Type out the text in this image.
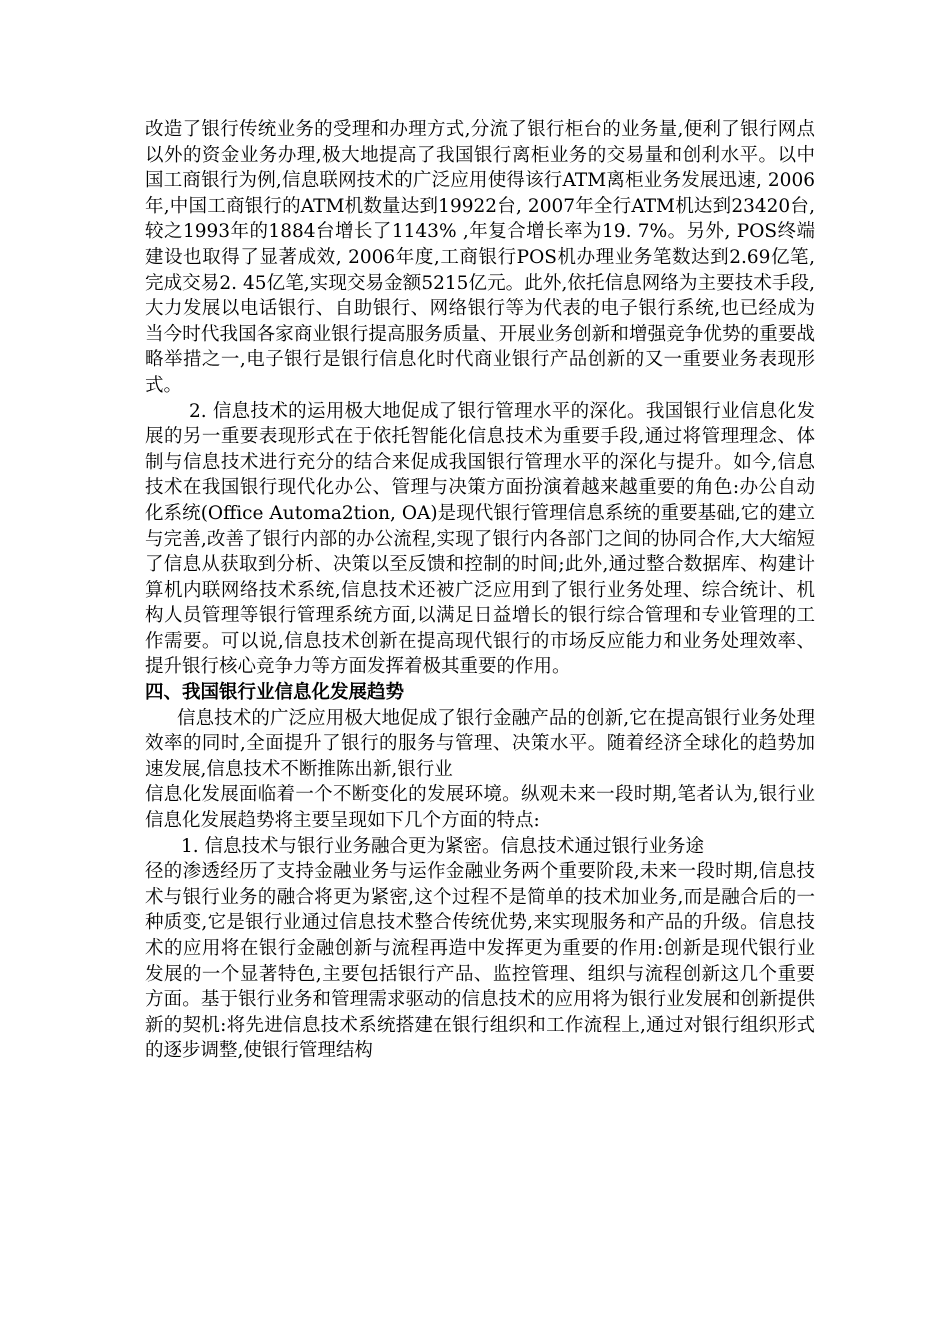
改造了银行传统业务的受理和办理方式,分流了银行柜台的业务量,便利了银行网点以外的资金业务办理,极大地提高了我国银行离柜业务的交易量和创利水平。以中国工商银行为例,信息联网技术的广泛应用使得该行ATM离柜业务发展迅速, 2006年,中国工商银行的ATM机数量达到19922台, 2007年全行ATM机达到23420台,较之1993年的1884台增长了1143% ,年复合增长率为19. 7%。另外, POS终端建设也取得了显著成效, 2006年度,工商银行POS机办理业务笔数达到2.69亿笔,完成交易2. 45亿笔,实现交易金额5215亿元。此外,依托信息网络为主要技术手段,大力发展以电话银行、自助银行、网络银行等为代表的电子银行系统,也已经成为当今时代我国各家商业银行提高服务质量、开展业务创新和增强竞争优势的重要战略举措之一,电子银行是银行信息化时代商业银行产品创新的又一重要业务表现形式。

2. 信息技术的运用极大地促成了银行管理水平的深化。我国银行业信息化发展的另一重要表现形式在于依托智能化信息技术为重要手段,通过将管理理念、体制与信息技术进行充分的结合来促成我国银行管理水平的深化与提升。如今,信息技术在我国银行现代化办公、管理与决策方面扮演着越来越重要的角色:办公自动化系统(Office Automa2tion, OA)是现代银行管理信息系统的重要基础,它的建立与完善,改善了银行内部的办公流程,实现了银行内各部门之间的协同合作,大大缩短了信息从获取到分析、决策以至反馈和控制的时间;此外,通过整合数据库、构建计算机内联网络技术系统,信息技术还被广泛应用到了银行业务处理、综合统计、机构人员管理等银行管理系统方面,以满足日益增长的银行综合管理和专业管理的工作需要。可以说,信息技术创新在提高现代银行的市场反应能力和业务处理效率、提升银行核心竞争力等方面发挥着极其重要的作用。

四、我国银行业信息化发展趋势

信息技术的广泛应用极大地促成了银行金融产品的创新,它在提高银行业务处理效率的同时,全面提升了银行的服务与管理、决策水平。随着经济全球化的趋势加速发展,信息技术不断推陈出新,银行业

信息化发展面临着一个不断变化的发展环境。纵观未来一段时期,笔者认为,银行业信息化发展趋势将主要呈现如下几个方面的特点:

1. 信息技术与银行业务融合更为紧密。信息技术通过银行业务途

径的渗透经历了支持金融业务与运作金融业务两个重要阶段,未来一段时期,信息技术与银行业务的融合将更为紧密,这个过程不是简单的技术加业务,而是融合后的一种质变,它是银行业通过信息技术整合传统优势,来实现服务和产品的升级。信息技术的应用将在银行金融创新与流程再造中发挥更为重要的作用:创新是现代银行业发展的一个显著特色,主要包括银行产品、监控管理、组织与流程创新这几个重要方面。基于银行业务和管理需求驱动的信息技术的应用将为银行业发展和创新提供新的契机:将先进信息技术系统搭建在银行组织和工作流程上,通过对银行组织形式的逐步调整,使银行管理结构
